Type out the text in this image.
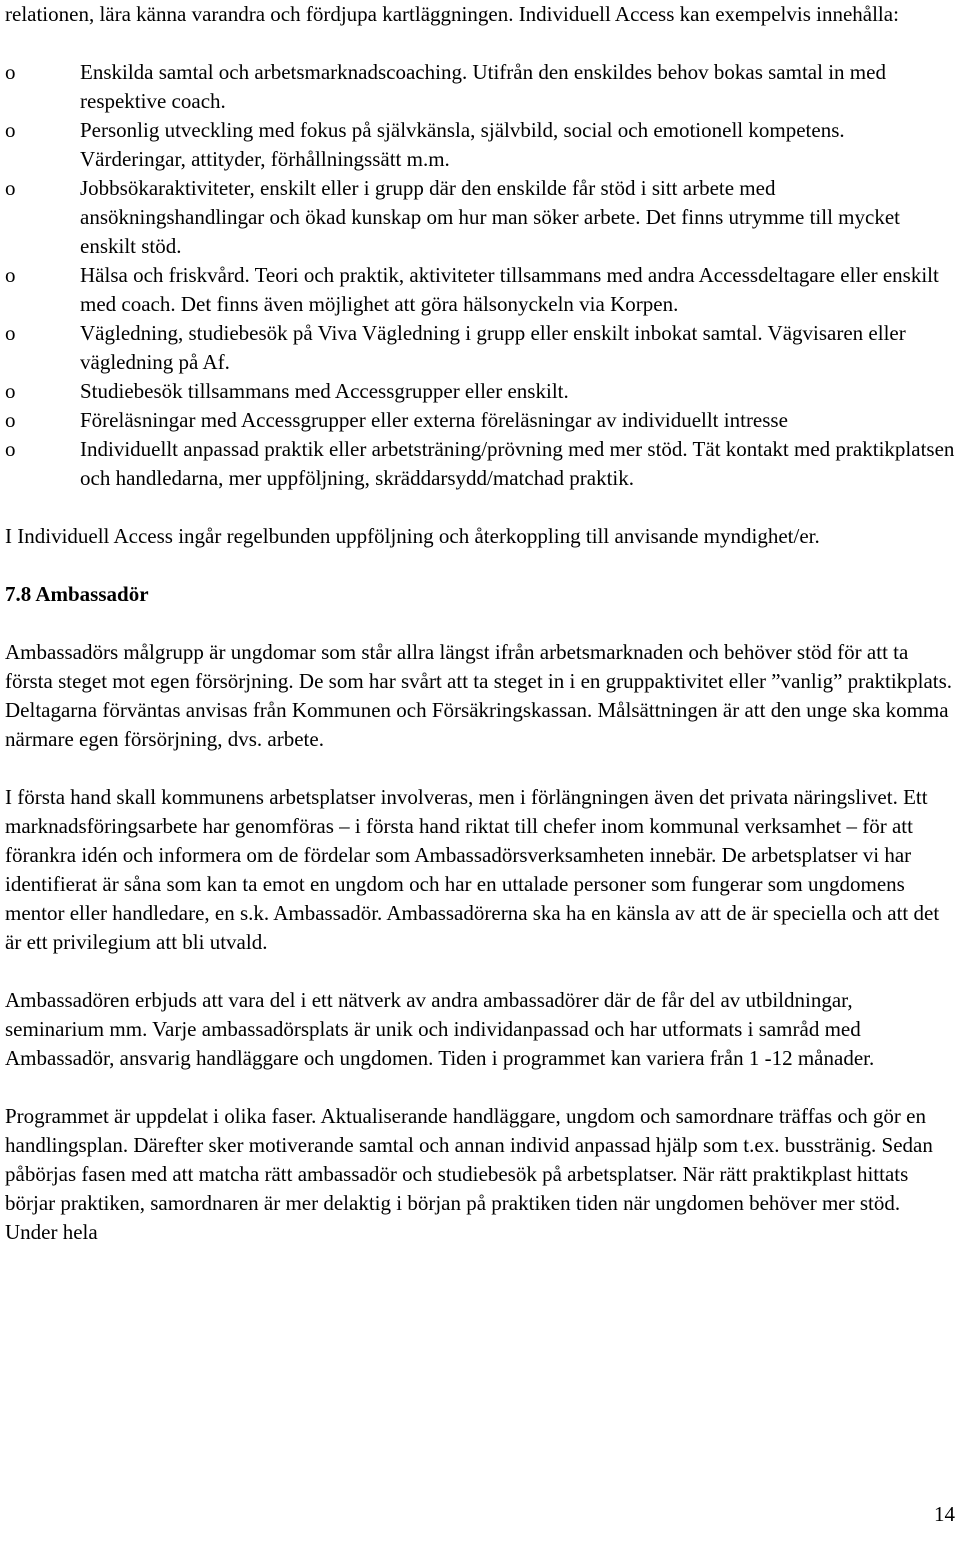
relationen, lära känna varandra och fördjupa kartläggningen. Individuell Access kan exempelvis innehålla:

o	Enskilda samtal och arbetsmarknadscoaching. Utifrån den enskildes behov bokas samtal in med respektive coach.
o	Personlig utveckling med fokus på självkänsla, självbild, social och emotionell kompetens. Värderingar, attityder, förhållningssätt m.m.
o	Jobbsökaraktiviteter, enskilt eller i grupp där den enskilde får stöd i sitt arbete med ansökningshandlingar och ökad kunskap om hur man söker arbete. Det finns utrymme till mycket enskilt stöd.
o	Hälsa och friskvård. Teori och praktik, aktiviteter tillsammans med andra Accessdeltagare eller enskilt med coach. Det finns även möjlighet att göra hälsonyckeln via Korpen.
o	Vägledning, studiebesök på Viva Vägledning i grupp eller enskilt inbokat samtal. Vägvisaren eller vägledning på Af.
o	Studiebesök tillsammans med Accessgrupper eller enskilt.
o	Föreläsningar med Accessgrupper eller externa föreläsningar av individuellt intresse
o	Individuellt anpassad praktik eller arbetsträning/prövning med mer stöd. Tät kontakt med praktikplatsen och handledarna, mer uppföljning, skräddarsydd/matchad praktik.

I Individuell Access ingår regelbunden uppföljning och återkoppling till anvisande myndighet/er.

7.8 Ambassadör

Ambassadörs målgrupp är ungdomar som står allra längst ifrån arbetsmarknaden och behöver stöd för att ta första steget mot egen försörjning. De som har svårt att ta steget in i en gruppaktivitet eller ”vanlig” praktikplats. Deltagarna förväntas anvisas från Kommunen och Försäkringskassan. Målsättningen är att den unge ska komma närmare egen försörjning, dvs. arbete.

I första hand skall kommunens arbetsplatser involveras, men i förlängningen även det privata näringslivet. Ett marknadsföringsarbete har genomföras – i första hand riktat till chefer inom kommunal verksamhet – för att förankra idén och informera om de fördelar som Ambassadörsverksamheten innebär. De arbetsplatser vi har identifierat är såna som kan ta emot en ungdom och har en uttalade personer som fungerar som ungdomens mentor eller handledare, en s.k. Ambassadör. Ambassadörerna ska ha en känsla av att de är speciella och att det är ett privilegium att bli utvald.

Ambassadören erbjuds att vara del i ett nätverk av andra ambassadörer där de får del av utbildningar, seminarium mm. Varje ambassadörsplats är unik och individanpassad och har utformats i samråd med Ambassadör, ansvarig handläggare och ungdomen. Tiden i programmet kan variera från 1 -12 månader.

Programmet är uppdelat i olika faser. Aktualiserande handläggare, ungdom och samordnare träffas och gör en handlingsplan. Därefter sker motiverande samtal och annan individ anpassad hjälp som t.ex. busstränig. Sedan påbörjas fasen med att matcha rätt ambassadör och studiebesök på arbetsplatser. När rätt praktikplast hittats börjar praktiken, samordnaren är mer delaktig i början på praktiken tiden när ungdomen behöver mer stöd. Under hela

14
